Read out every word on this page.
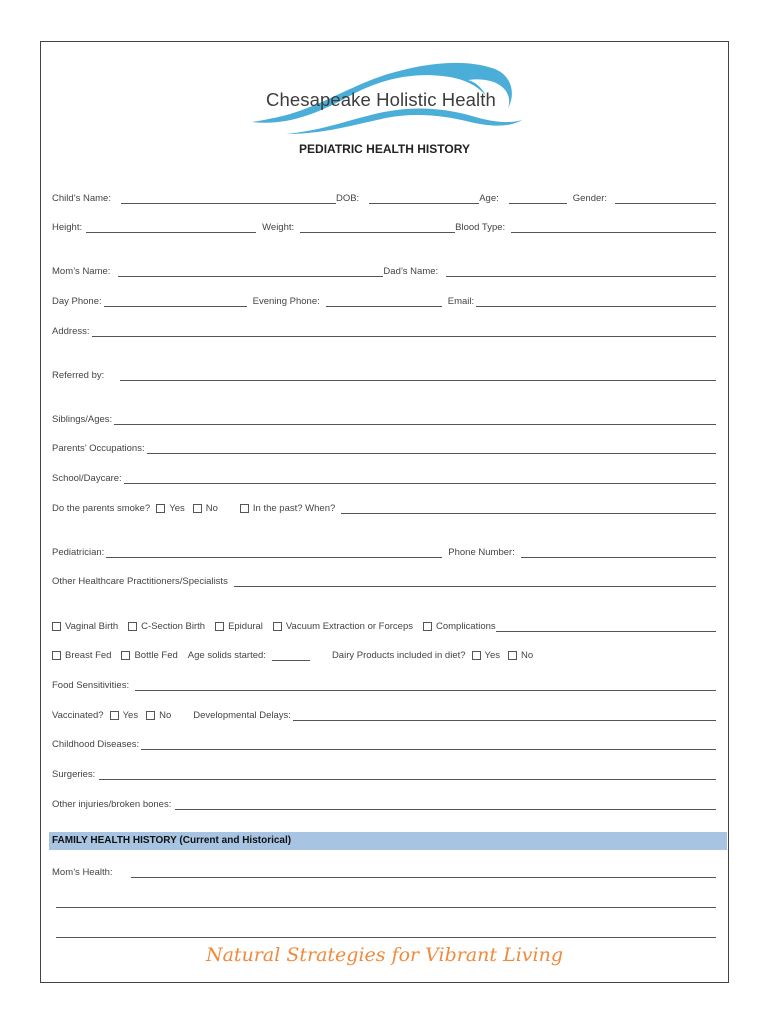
Chesapeake Holistic Health
PEDIATRIC HEALTH HISTORY
Child’s Name:	DOB:	Age:	Gender:
Height:	Weight:	Blood Type:
Mom’s Name:	Dad’s Name:
Day Phone:	Evening Phone:	Email:
Address:
Referred by:
Siblings/Ages:
Parents’ Occupations:
School/Daycare:
Do the parents smoke? Yes No	In the past? When?
Pediatrician:	Phone Number:
Other Healthcare Practitioners/Specialists
Vaginal Birth C-Section Birth Epidural Vacuum Extraction or Forceps Complications
Breast Fed Bottle Fed Age solids started:	Dairy Products included in diet? Yes No
Food Sensitivities:
Vaccinated? Yes No Developmental Delays:
Childhood Diseases:
Surgeries:
Other injuries/broken bones:
FAMILY HEALTH HISTORY (Current and Historical)
Mom’s Health:
Natural Strategies for Vibrant Living
